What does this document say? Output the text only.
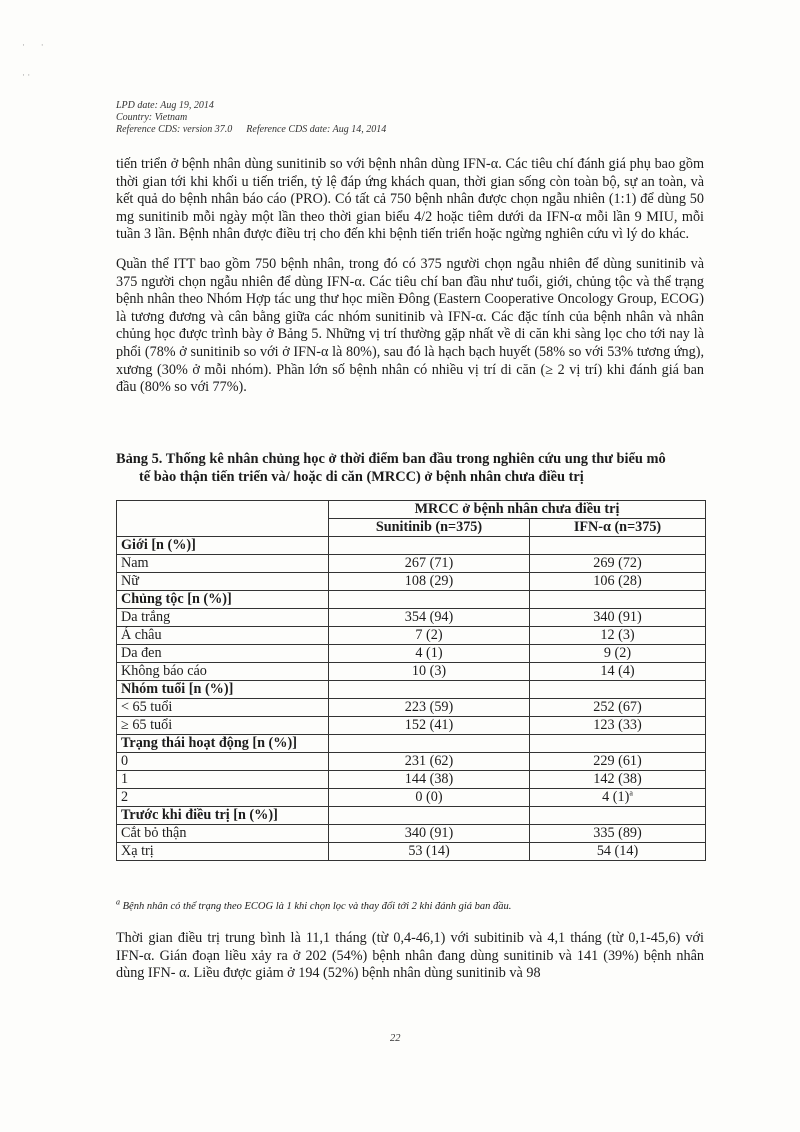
·       ·

· ·
LPD date: Aug 19, 2014
Country: Vietnam
Reference CDS: version 37.0 Reference CDS date: Aug 14, 2014
tiến triển ở bệnh nhân dùng sunitinib so với bệnh nhân dùng IFN-α. Các tiêu chí đánh giá phụ bao gồm thời gian tới khi khối u tiến triển, tỷ lệ đáp ứng khách quan, thời gian sống còn toàn bộ, sự an toàn, và kết quả do bệnh nhân báo cáo (PRO). Có tất cả 750 bệnh nhân được chọn ngẫu nhiên (1:1) để dùng 50 mg sunitinib mỗi ngày một lần theo thời gian biểu 4/2 hoặc tiêm dưới da IFN-α mỗi lần 9 MIU, mỗi tuần 3 lần. Bệnh nhân được điều trị cho đến khi bệnh tiến triển hoặc ngừng nghiên cứu vì lý do khác.
Quần thể ITT bao gồm 750 bệnh nhân, trong đó có 375 người chọn ngẫu nhiên để dùng sunitinib và 375 người chọn ngẫu nhiên để dùng IFN-α. Các tiêu chí ban đầu như tuổi, giới, chủng tộc và thể trạng bệnh nhân theo Nhóm Hợp tác ung thư học miền Đông (Eastern Cooperative Oncology Group, ECOG) là tương đương và cân bằng giữa các nhóm sunitinib và IFN-α. Các đặc tính của bệnh nhân và nhân chủng học được trình bày ở Bảng 5. Những vị trí thường gặp nhất về di căn khi sàng lọc cho tới nay là phổi (78% ở sunitinib so với ở IFN-α là 80%), sau đó là hạch bạch huyết (58% so với 53% tương ứng), xương (30% ở mỗi nhóm). Phần lớn số bệnh nhân có nhiều vị trí di căn (≥ 2 vị trí) khi đánh giá ban đầu (80% so với 77%).
Bảng 5. Thống kê nhân chủng học ở thời điểm ban đầu trong nghiên cứu ung thư biểu mô
tế bào thận tiến triển và/ hoặc di căn (MRCC) ở bệnh nhân chưa điều trị
	MRCC ở bệnh nhân chưa điều trị	
	Sunitinib (n=375)	IFN-α (n=375)
Giới [n (%)]		
Nam	267 (71)	269 (72)
Nữ	108 (29)	106 (28)
Chủng tộc [n (%)]		
Da trắng	354 (94)	340 (91)
Á châu	7 (2)	12 (3)
Da đen	4 (1)	9 (2)
Không báo cáo	10 (3)	14 (4)
Nhóm tuổi [n (%)]		
< 65 tuổi	223 (59)	252 (67)
≥ 65 tuổi	152 (41)	123 (33)
Trạng thái hoạt động [n (%)]		
0	231 (62)	229 (61)
1	144 (38)	142 (38)
2	0 (0)	4 $(1)^a$
Trước khi điều trị [n (%)]		
Cắt bỏ thận	340 (91)	335 (89)
Xạ trị	53 (14)	54 (14)
$^a$ Bệnh nhân có thể trạng theo ECOG là 1 khi chọn lọc và thay đổi tới 2 khi đánh giá ban đầu.
Thời gian điều trị trung bình là 11,1 tháng (từ 0,4-46,1) với subitinib và 4,1 tháng (từ 0,1-45,6) với IFN-α. Gián đoạn liều xảy ra ở 202 (54%) bệnh nhân đang dùng sunitinib và 141 (39%) bệnh nhân dùng IFN- α. Liều được giảm ở 194 (52%) bệnh nhân dùng sunitinib và 98
22
